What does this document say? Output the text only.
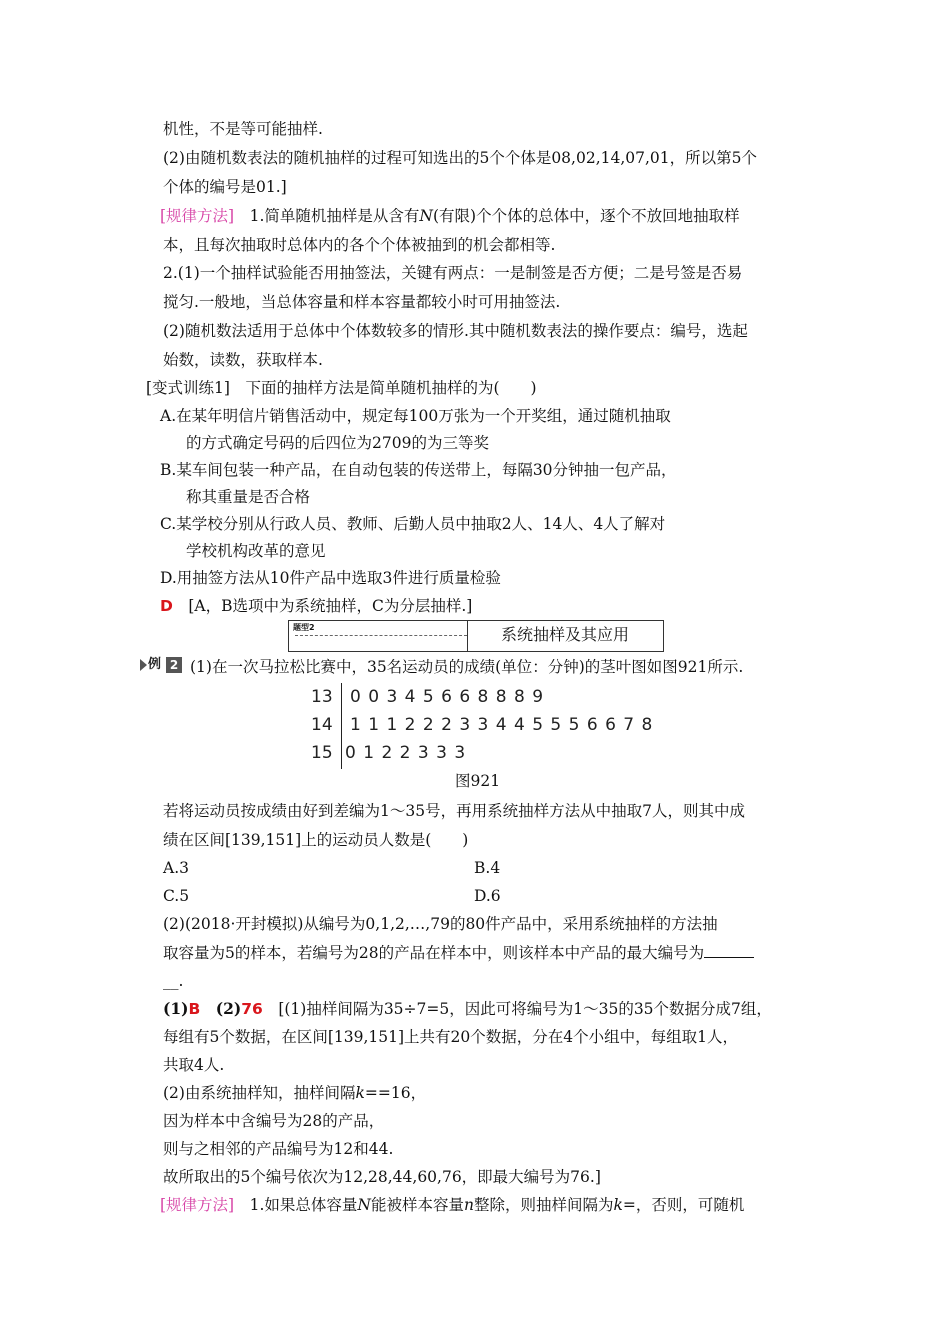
机性，不是等可能抽样.
(2)由随机数表法的随机抽样的过程可知选出的5个个体是08,02,14,07,01，所以第5个
个体的编号是01.]
[规律方法]　1.简单随机抽样是从含有N(有限)个个体的总体中，逐个不放回地抽取样
本，且每次抽取时总体内的各个个体被抽到的机会都相等.
2.(1)一个抽样试验能否用抽签法，关键有两点：一是制签是否方便；二是号签是否易
搅匀.一般地，当总体容量和样本容量都较小时可用抽签法.
(2)随机数法适用于总体中个体数较多的情形.其中随机数表法的操作要点：编号，选起
始数，读数，获取样本.
[变式训练1]　下面的抽样方法是简单随机抽样的为(　　)
A.在某年明信片销售活动中，规定每100万张为一个开奖组，通过随机抽取
的方式确定号码的后四位为2709的为三等奖
B.某车间包装一种产品，在自动包装的传送带上，每隔30分钟抽一包产品，
称其重量是否合格
C.某学校分别从行政人员、教师、后勤人员中抽取2人、14人、4人了解对
学校机构改革的意见
D.用抽签方法从10件产品中选取3件进行质量检验
D　[A，B选项中为系统抽样，C为分层抽样.]
题型2	系统抽样及其应用
例 2 (1)在一次马拉松比赛中，35名运动员的成绩(单位：分钟)的茎叶图如图921所示.
13 0 0 3 4 5 6 6 8 8 8 9
14 1 1 1 2 2 2 3 3 4 4 5 5 5 6 6 7 8
15 0 1 2 2 3 3 3
图921
若将运动员按成绩由好到差编为1～35号，再用系统抽样方法从中抽取7人，则其中成
绩在区间[139,151]上的运动员人数是(　　)
A.3	B.4
C.5	D.6
(2)(2018·开封模拟)从编号为0,1,2,…,79的80件产品中，采用系统抽样的方法抽
取容量为5的样本，若编号为28的产品在样本中，则该样本中产品的最大编号为
__.
(1)B　(2)76　[(1)抽样间隔为35÷7=5，因此可将编号为1～35的35个数据分成7组，
每组有5个数据，在区间[139,151]上共有20个数据，分在4个小组中，每组取1人，
共取4人.
(2)由系统抽样知，抽样间隔k==16，
因为样本中含编号为28的产品，
则与之相邻的产品编号为12和44.
故所取出的5个编号依次为12,28,44,60,76，即最大编号为76.]
[规律方法]　1.如果总体容量N能被样本容量n整除，则抽样间隔为k=，否则，可随机
